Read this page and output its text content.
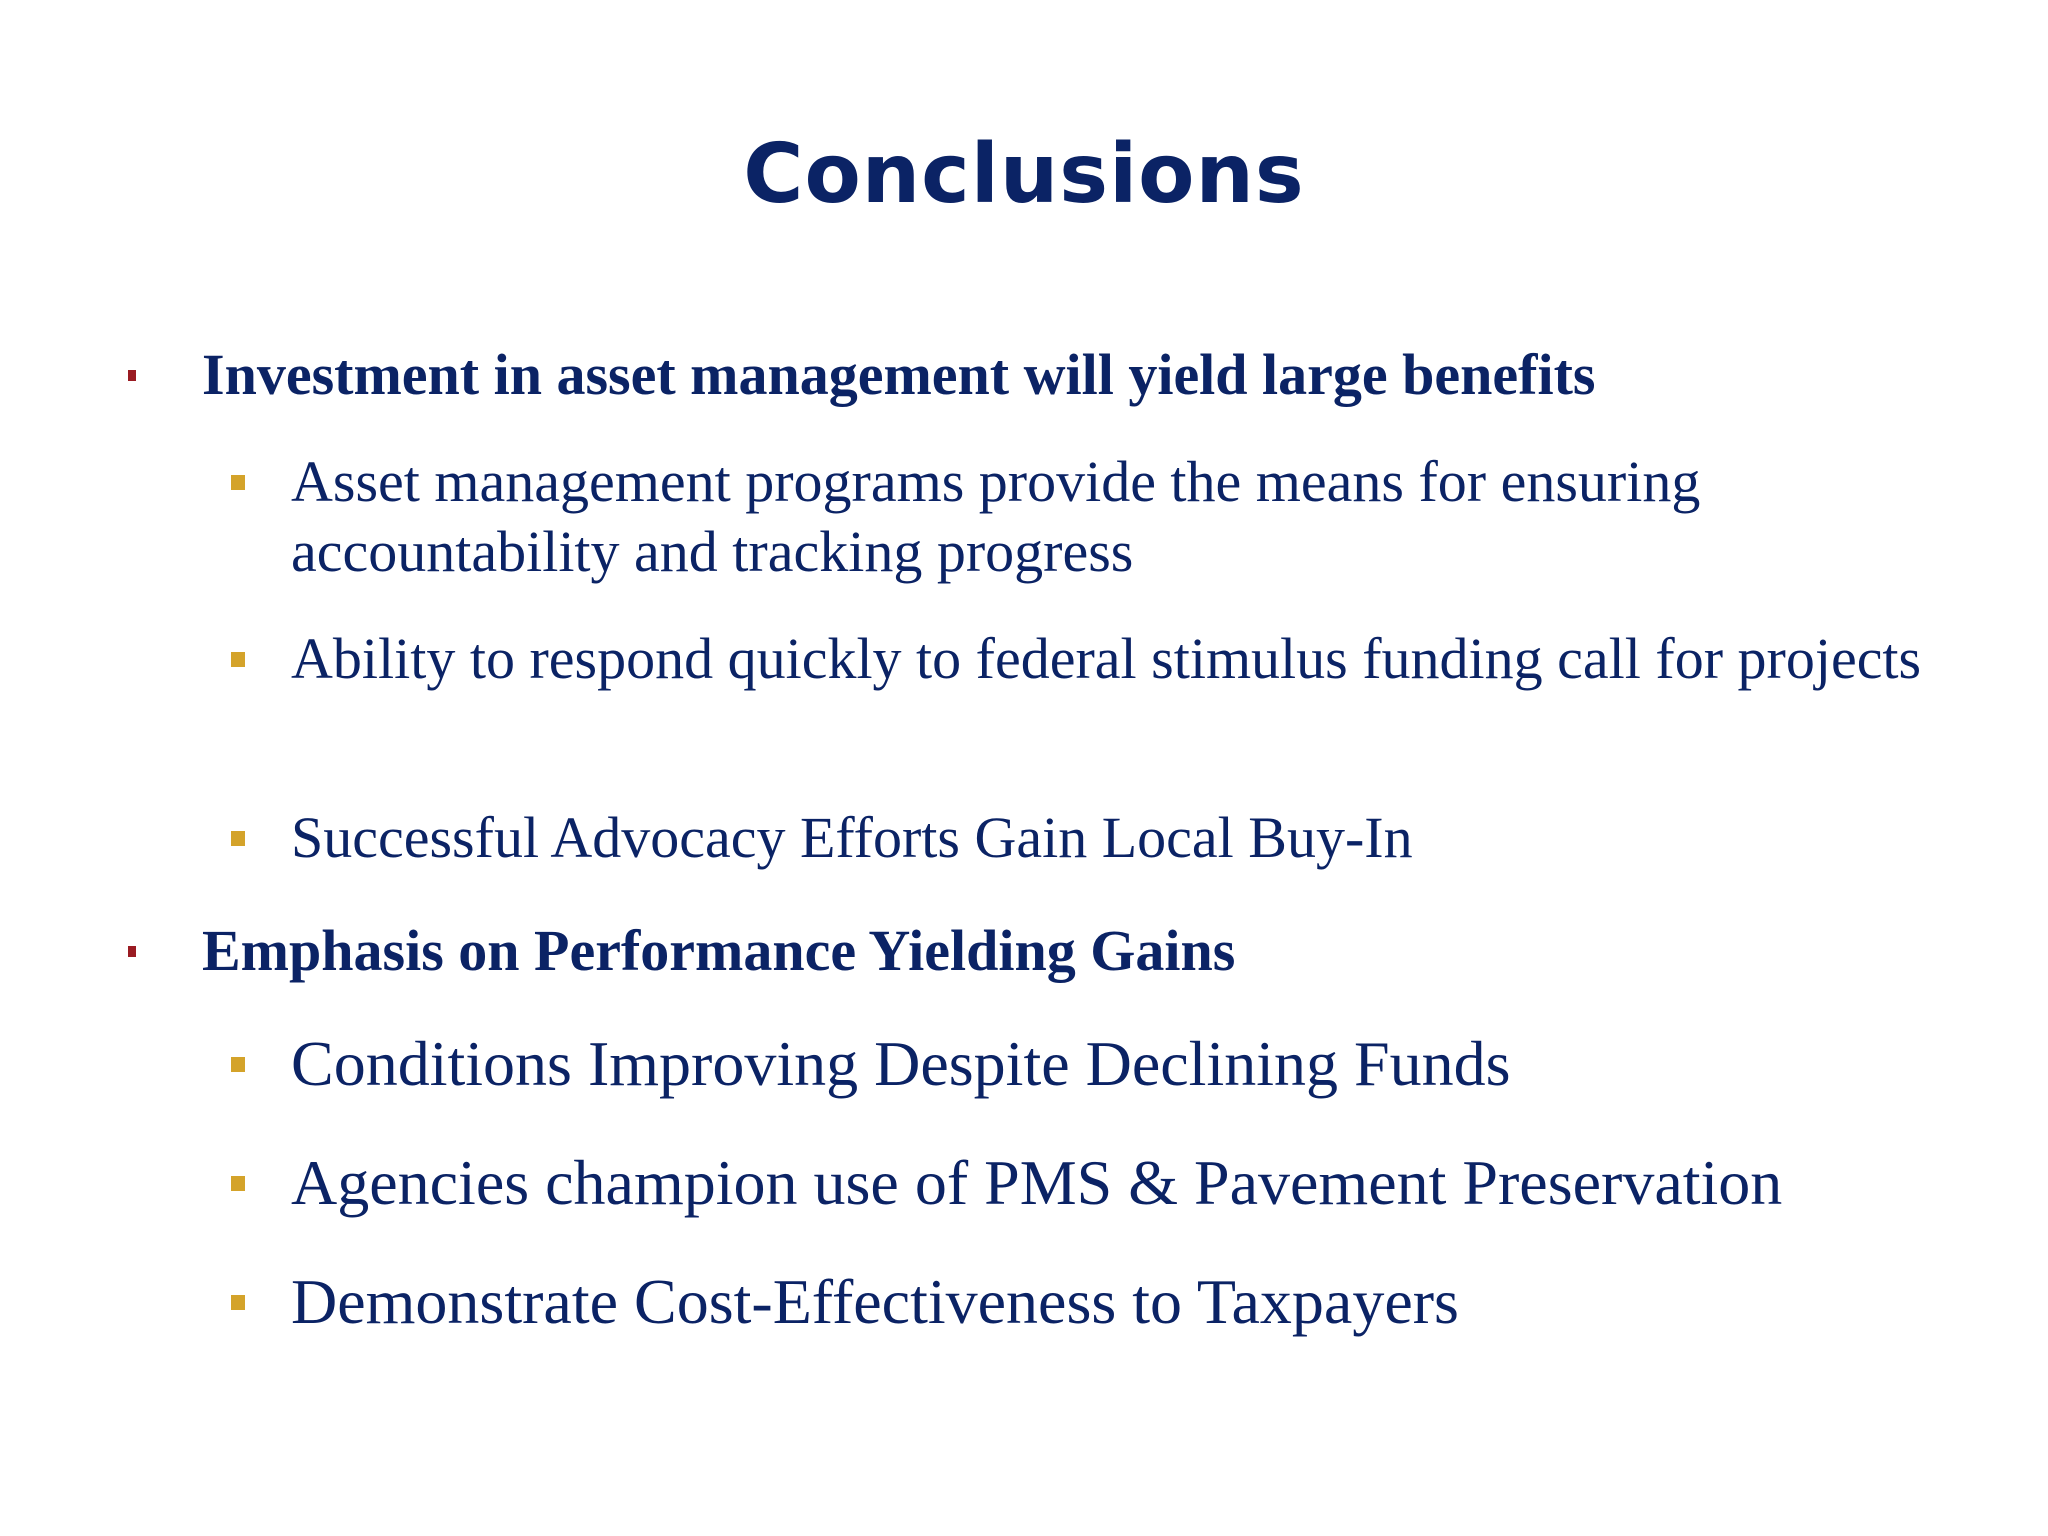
Conclusions
Investment in asset management will yield large benefits
Asset management programs provide the means for ensuring accountability and tracking progress
Ability to respond quickly to federal stimulus funding call for projects
Successful Advocacy Efforts Gain Local Buy-In
Emphasis on Performance Yielding Gains
Conditions Improving Despite Declining Funds
Agencies champion use of PMS & Pavement Preservation
Demonstrate Cost-Effectiveness to Taxpayers
